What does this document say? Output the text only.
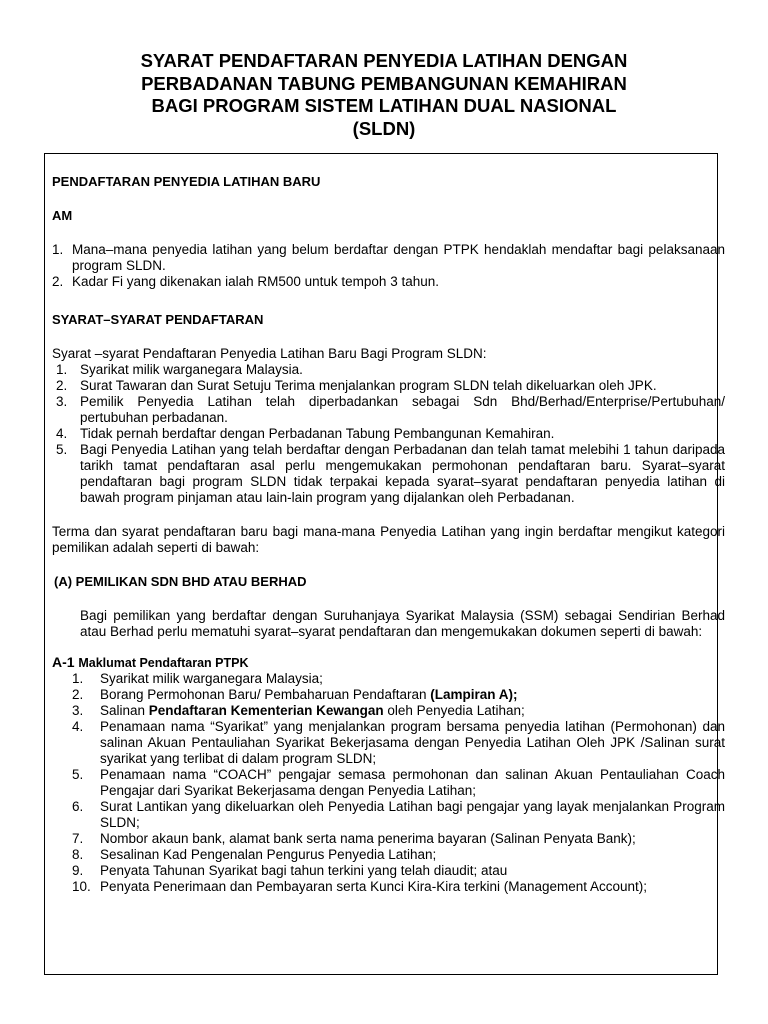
SYARAT PENDAFTARAN PENYEDIA LATIHAN DENGAN
PERBADANAN TABUNG PEMBANGUNAN KEMAHIRAN
BAGI PROGRAM SISTEM LATIHAN DUAL NASIONAL
(SLDN)
PENDAFTARAN PENYEDIA LATIHAN BARU
AM
1. Mana–mana penyedia latihan yang belum berdaftar dengan PTPK hendaklah mendaftar bagi pelaksanaan program SLDN.
2. Kadar Fi yang dikenakan ialah RM500 untuk tempoh 3 tahun.
SYARAT–SYARAT PENDAFTARAN
Syarat –syarat Pendaftaran Penyedia Latihan Baru Bagi Program SLDN:
1. Syarikat milik warganegara Malaysia.
2. Surat Tawaran dan Surat Setuju Terima menjalankan program SLDN telah dikeluarkan oleh JPK.
3. Pemilik Penyedia Latihan telah diperbadankan sebagai Sdn Bhd/Berhad/Enterprise/Pertubuhan/ pertubuhan perbadanan.
4. Tidak pernah berdaftar dengan Perbadanan Tabung Pembangunan Kemahiran.
5. Bagi Penyedia Latihan yang telah berdaftar dengan Perbadanan dan telah tamat melebihi 1 tahun daripada tarikh tamat pendaftaran asal perlu mengemukakan permohonan pendaftaran baru. Syarat–syarat pendaftaran bagi program SLDN tidak terpakai kepada syarat–syarat pendaftaran penyedia latihan di bawah program pinjaman atau lain-lain program yang dijalankan oleh Perbadanan.
Terma dan syarat pendaftaran baru bagi mana-mana Penyedia Latihan yang ingin berdaftar mengikut kategori pemilikan adalah seperti di bawah:
(A) PEMILIKAN SDN BHD ATAU BERHAD
Bagi pemilikan yang berdaftar dengan Suruhanjaya Syarikat Malaysia (SSM) sebagai Sendirian Berhad atau Berhad perlu mematuhi syarat–syarat pendaftaran dan mengemukakan dokumen seperti di bawah:
A-1 Maklumat Pendaftaran PTPK
1.	Syarikat milik warganegara Malaysia;
2.	Borang Permohonan Baru/ Pembaharuan Pendaftaran (Lampiran A);
3.	Salinan Pendaftaran Kementerian Kewangan oleh Penyedia Latihan;
4.	Penamaan nama “Syarikat” yang menjalankan program bersama penyedia latihan (Permohonan) dan salinan Akuan Pentauliahan Syarikat Bekerjasama dengan Penyedia Latihan Oleh JPK /Salinan surat syarikat yang terlibat di dalam program SLDN;
5.	Penamaan nama “COACH” pengajar semasa permohonan dan salinan Akuan Pentauliahan Coach Pengajar dari Syarikat Bekerjasama dengan Penyedia Latihan;
6.	Surat Lantikan yang dikeluarkan oleh Penyedia Latihan bagi pengajar yang layak menjalankan Program SLDN;
7.	Nombor akaun bank, alamat bank serta nama penerima bayaran (Salinan Penyata Bank);
8.	Sesalinan Kad Pengenalan Pengurus Penyedia Latihan;
9.	Penyata Tahunan Syarikat bagi tahun terkini yang telah diaudit; atau
10. Penyata Penerimaan dan Pembayaran serta Kunci Kira-Kira terkini (Management Account);
